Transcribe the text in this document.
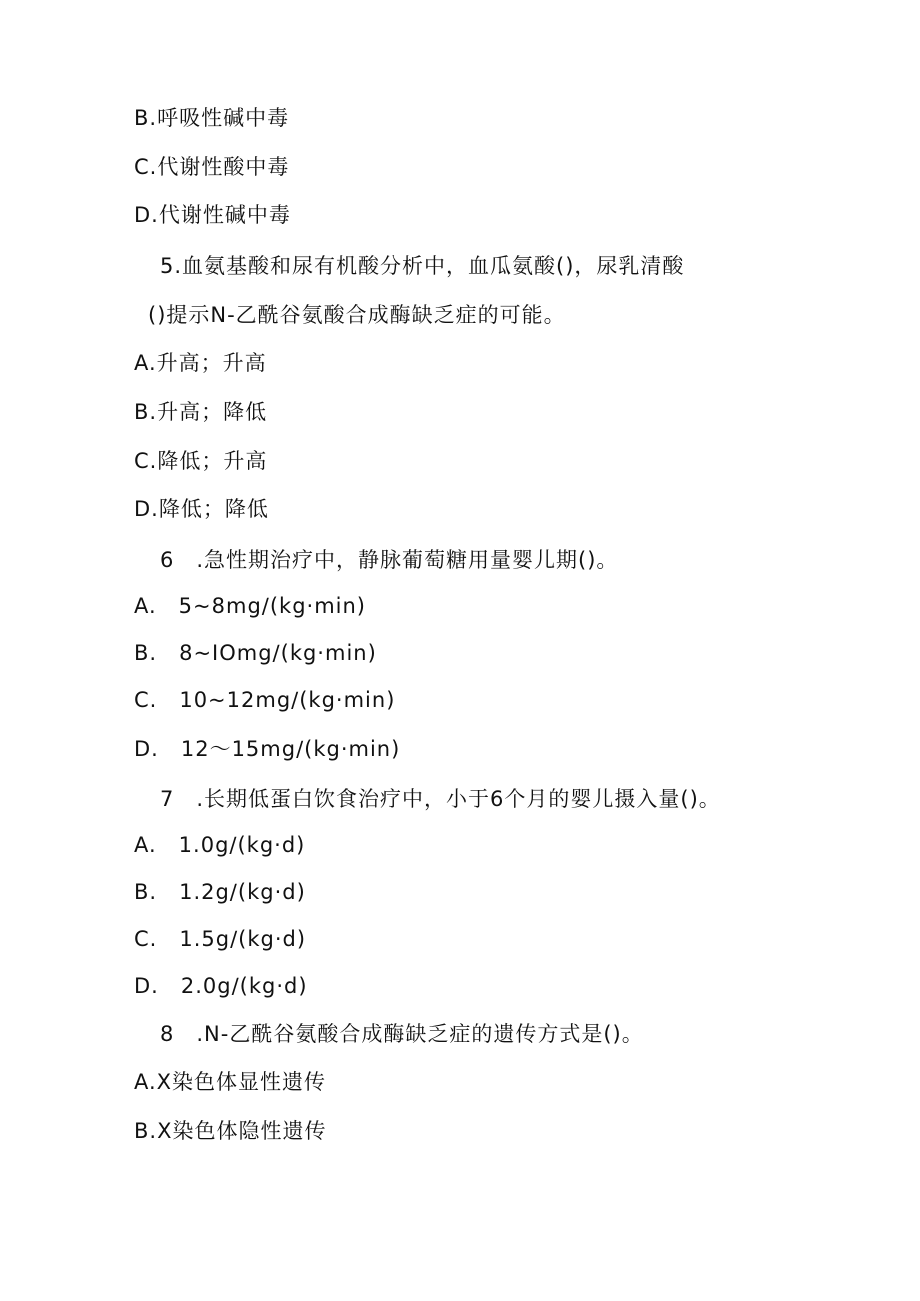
B.呼吸性碱中毒
C.代谢性酸中毒
D.代谢性碱中毒
5.血氨基酸和尿有机酸分析中，血瓜氨酸()，尿乳清酸
()提示N-乙酰谷氨酸合成酶缺乏症的可能。
A.升高；升高
B.升高；降低
C.降低；升高
D.降低；降低
6 .急性期治疗中，静脉葡萄糖用量婴儿期()。
A. 5~8mg∕(kg·min)
B. 8~IOmg∕(kg·min)
C. 10~12mg∕(kg·min)
D. 12〜15mg∕(kg·min)
7 .长期低蛋白饮食治疗中，小于6个月的婴儿摄入量()。
A. 1.0g∕(kg·d)
B. 1.2g∕(kg·d)
C. 1.5g∕(kg·d)
D. 2.0g∕(kg·d)
8 .N-乙酰谷氨酸合成酶缺乏症的遗传方式是()。
A.X染色体显性遗传
B.X染色体隐性遗传
